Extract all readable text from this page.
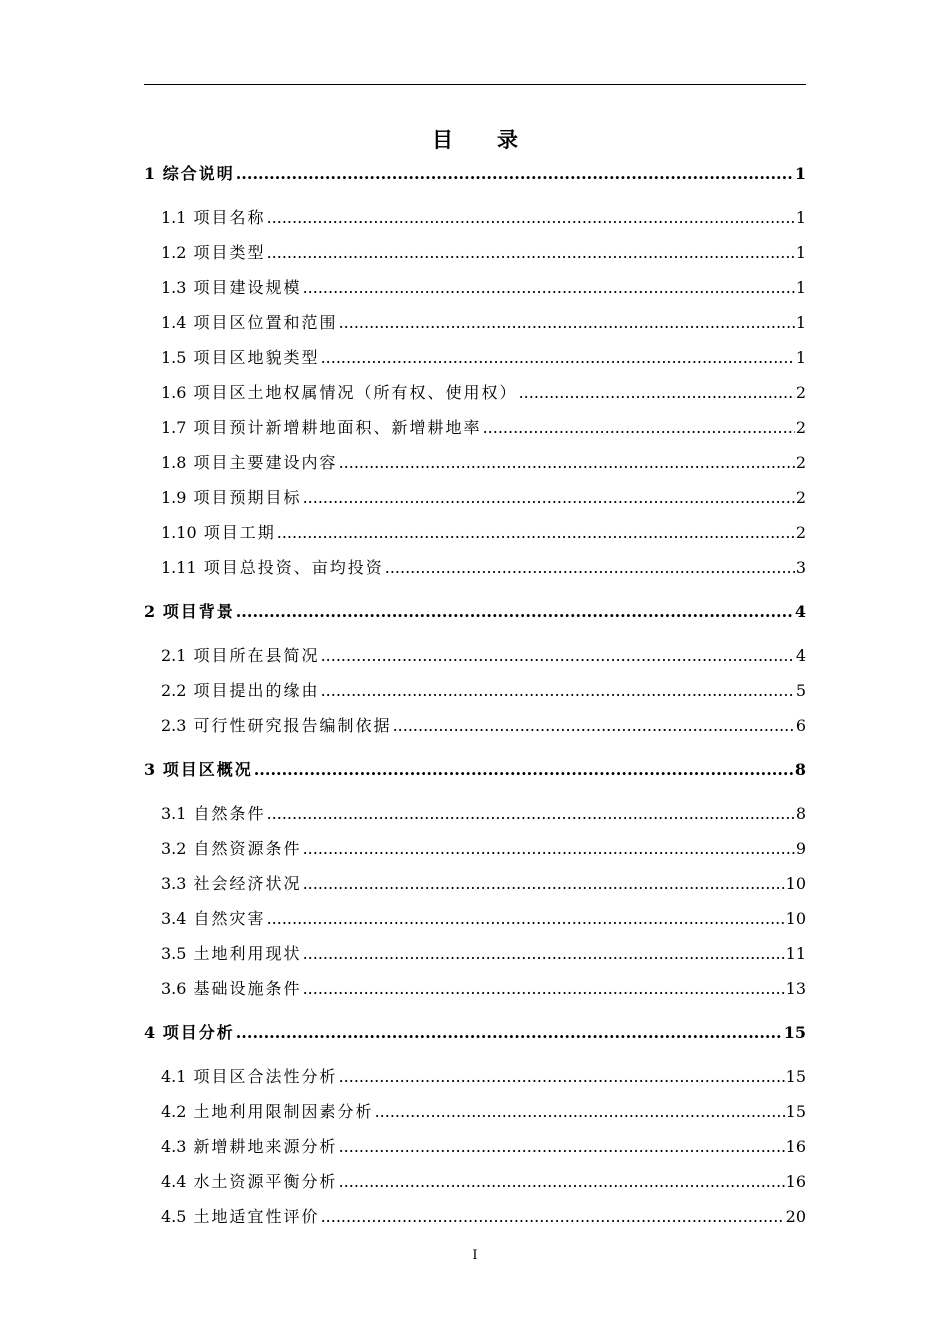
目 录
1 综合说明 .....	1
1.1 项目名称 .....	1
1.2 项目类型 .....	1
1.3 项目建设规模 .....	1
1.4 项目区位置和范围 .....	1
1.5 项目区地貌类型 .....	1
1.6 项目区土地权属情况（所有权、使用权） .....	2
1.7 项目预计新增耕地面积、新增耕地率 .....	2
1.8 项目主要建设内容 .....	2
1.9 项目预期目标 .....	2
1.10 项目工期 .....	2
1.11 项目总投资、亩均投资 .....	3
2 项目背景 .....	4
2.1 项目所在县简况 .....	4
2.2 项目提出的缘由 .....	5
2.3 可行性研究报告编制依据 .....	6
3 项目区概况 .....	8
3.1 自然条件 .....	8
3.2 自然资源条件 .....	9
3.3 社会经济状况 .....	10
3.4 自然灾害 .....	10
3.5 土地利用现状 .....	11
3.6 基础设施条件 .....	13
4 项目分析 .....	15
4.1 项目区合法性分析 .....	15
4.2 土地利用限制因素分析 .....	15
4.3 新增耕地来源分析 .....	16
4.4 水土资源平衡分析 .....	16
4.5 土地适宜性评价 .....	20
I
